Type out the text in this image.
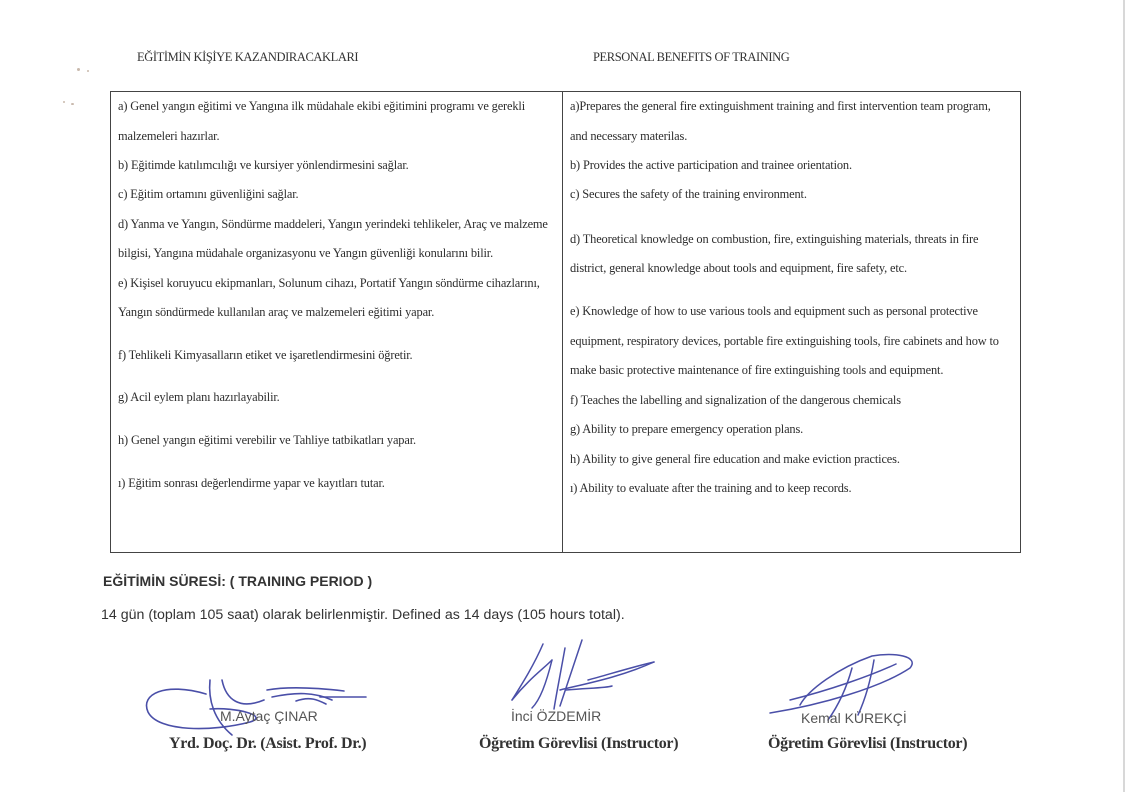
EĞİTİMİN KİŞİYE KAZANDIRACAKLARI	PERSONAL BENEFITS OF TRAINING
a) Genel yangın eğitimi ve Yangına ilk müdahale ekibi eğitimini programı ve gerekli
malzemeleri hazırlar.
b) Eğitimde katılımcılığı ve kursiyer yönlendirmesini sağlar.
c) Eğitim ortamını güvenliğini sağlar.
d) Yanma ve Yangın, Söndürme maddeleri, Yangın yerindeki tehlikeler, Araç ve malzeme
bilgisi, Yangına müdahale organizasyonu ve Yangın güvenliği konularını bilir.
e) Kişisel koruyucu ekipmanları, Solunum cihazı, Portatif Yangın söndürme cihazlarını,
Yangın söndürmede kullanılan araç ve malzemeleri eğitimi yapar.
f) Tehlikeli Kimyasalların etiket ve işaretlendirmesini öğretir.
g) Acil eylem planı hazırlayabilir.
h) Genel yangın eğitimi verebilir ve Tahliye tatbikatları yapar.
ı) Eğitim sonrası değerlendirme yapar ve kayıtları tutar.
a)Prepares the general fire extinguishment training and first intervention team program,
and necessary materilas.
b) Provides the active participation and trainee orientation.
c) Secures the safety of the training environment.
d) Theoretical knowledge on combustion, fire, extinguishing materials, threats in fire
district, general knowledge about tools and equipment, fire safety, etc.
e) Knowledge of how to use various tools and equipment such as personal protective
equipment, respiratory devices, portable fire extinguishing tools, fire cabinets and how to
make basic protective maintenance of fire extinguishing tools and equipment.
f) Teaches the labelling and signalization of the dangerous chemicals
g) Ability to prepare emergency operation plans.
h) Ability to give general fire education and make eviction practices.
ı) Ability to evaluate after the training and to keep records.
EĞİTİMİN SÜRESİ: ( TRAINING PERIOD )
14 gün (toplam 105 saat) olarak belirlenmiştir. Defined as 14 days (105 hours total).
M.Aytaç ÇINAR
Yrd. Doç. Dr. (Asist. Prof. Dr.)
İnci ÖZDEMİR
Öğretim Görevlisi (Instructor)
Kemal KÜREKÇİ
Öğretim Görevlisi (Instructor)
